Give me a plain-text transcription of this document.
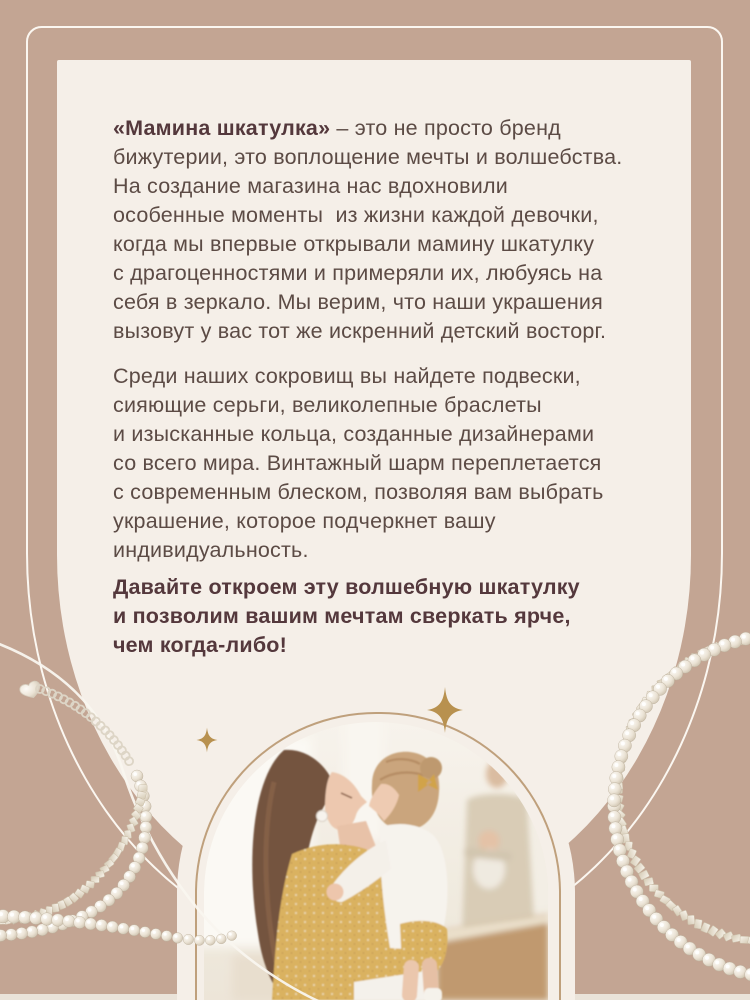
«Мамина шкатулка» – это не просто бренд
бижутерии, это воплощение мечты и волшебства.
На создание магазина нас вдохновили
особенные моменты  из жизни каждой девочки,
когда мы впервые открывали мамину шкатулку
с драгоценностями и примеряли их, любуясь на
себя в зеркало. Мы верим, что наши украшения
вызовут у вас тот же искренний детский восторг.
Среди наших сокровищ вы найдете подвески,
сияющие серьги, великолепные браслеты
и изысканные кольца, созданные дизайнерами
со всего мира. Винтажный шарм переплетается
с современным блеском, позволяя вам выбрать
украшение, которое подчеркнет вашу
индивидуальность.
Давайте откроем эту волшебную шкатулку
и позволим вашим мечтам сверкать ярче,
чем когда-либо!
